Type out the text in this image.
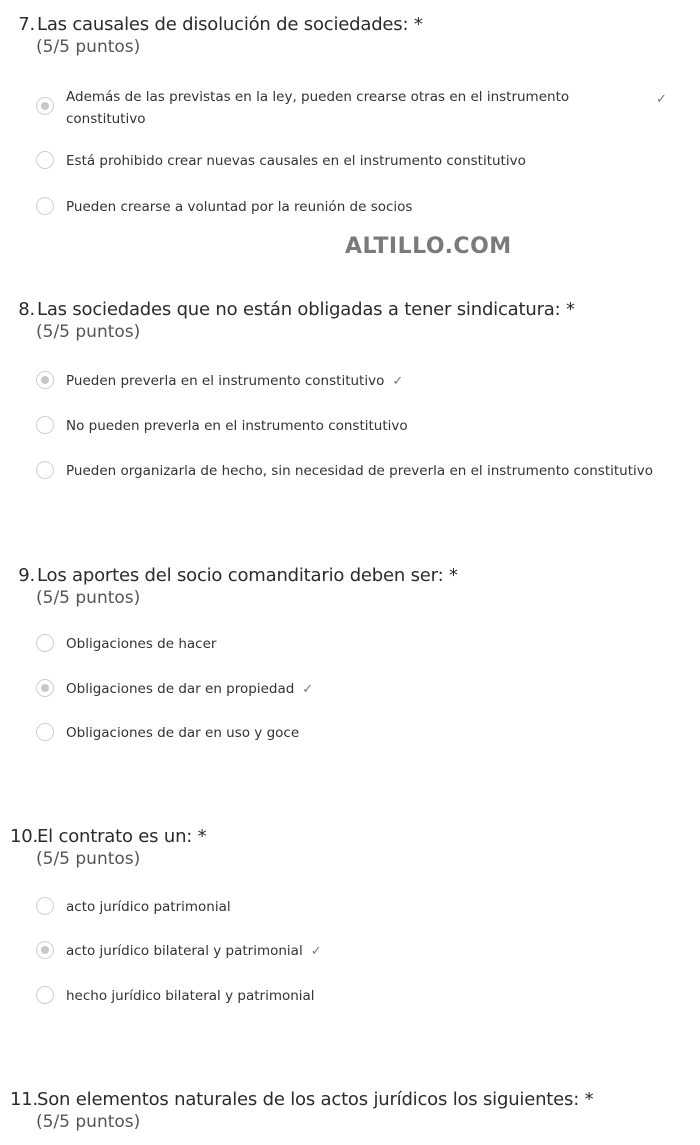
7. Las causales de disolución de sociedades: *
(5/5 puntos)
Además de las previstas en la ley, pueden crearse otras en el instrumento constitutivo
✓
Está prohibido crear nuevas causales en el instrumento constitutivo
Pueden crearse a voluntad por la reunión de socios
ALTILLO.COM
8. Las sociedades que no están obligadas a tener sindicatura: *
(5/5 puntos)
Pueden preverla en el instrumento constitutivo ✓
No pueden preverla en el instrumento constitutivo
Pueden organizarla de hecho, sin necesidad de preverla en el instrumento constitutivo
9. Los aportes del socio comanditario deben ser: *
(5/5 puntos)
Obligaciones de hacer
Obligaciones de dar en propiedad ✓
Obligaciones de dar en uso y goce
10.El contrato es un: *
(5/5 puntos)
acto jurídico patrimonial
acto jurídico bilateral y patrimonial ✓
hecho jurídico bilateral y patrimonial
11.Son elementos naturales de los actos jurídicos los siguientes: *
(5/5 puntos)
